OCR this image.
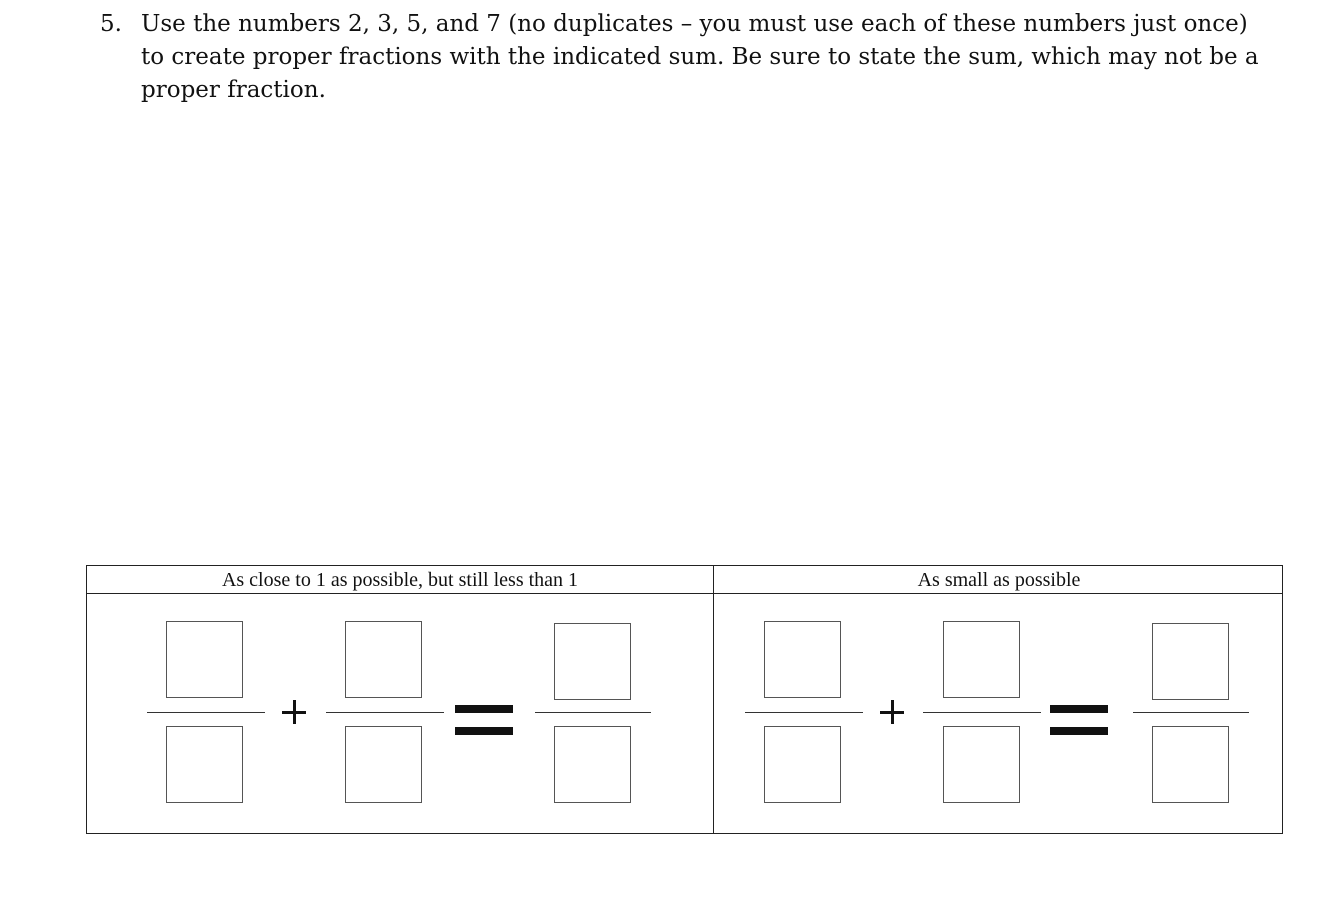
5. Use the numbers 2, 3, 5, and 7 (no duplicates – you must use each of these numbers just once)
to create proper fractions with the indicated sum. Be sure to state the sum, which may not be a
proper fraction.
As close to 1 as possible, but still less than 1	As small as possible
